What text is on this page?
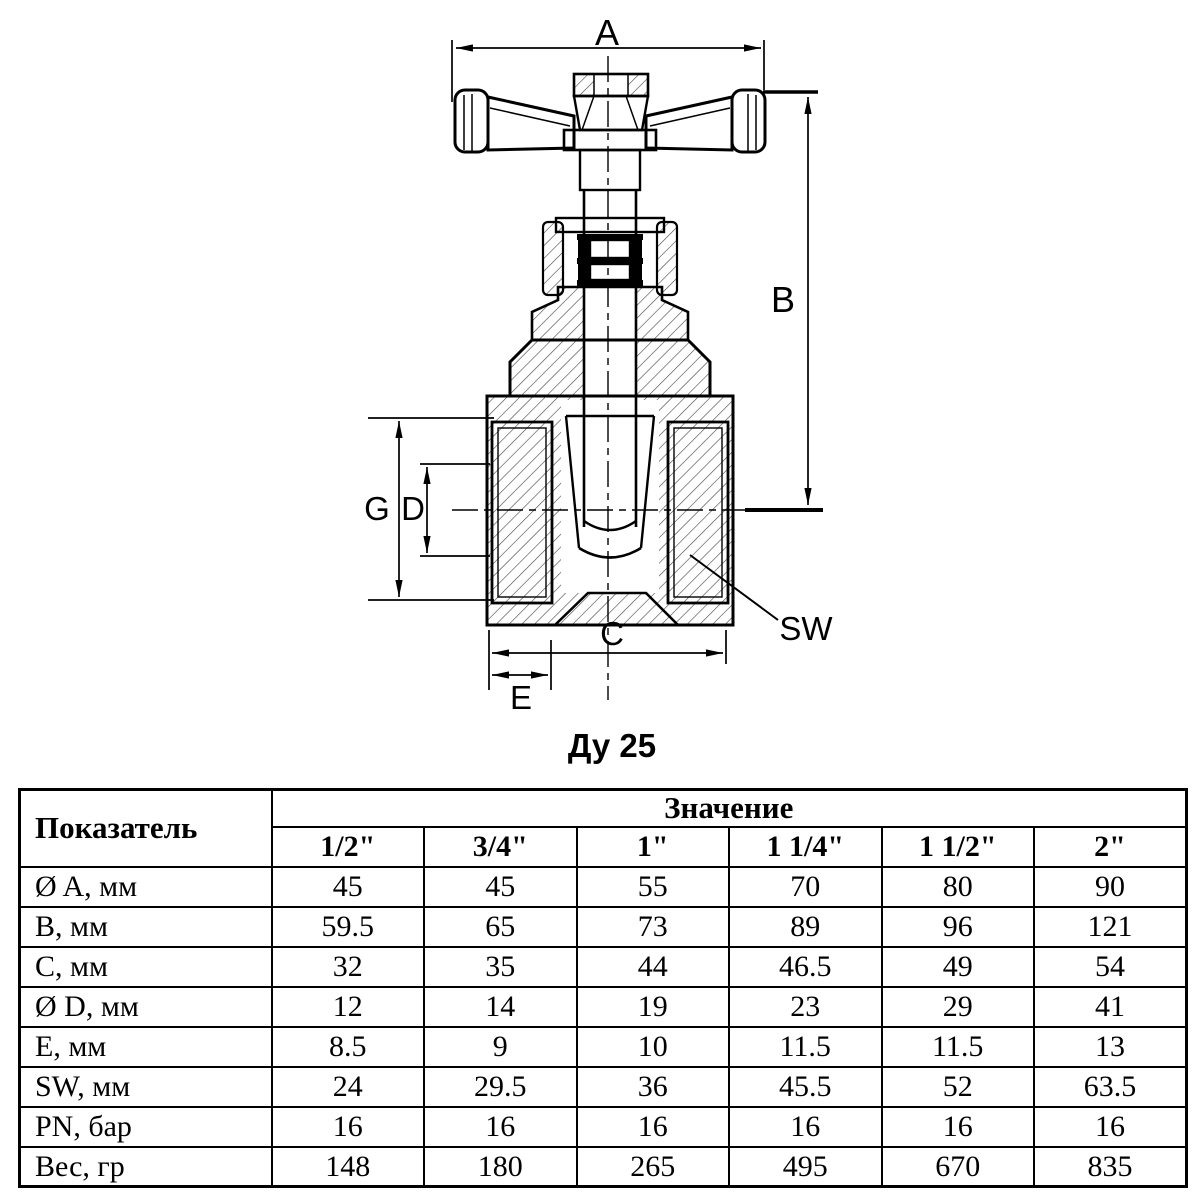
A
B
G D
C
E
SW
Ду 25
Показатель	Значение					
	1/2"	3/4"	1"	1 1/4"	1 1/2"	2"
Ø A, мм	45	45	55	70	80	90
B, мм	59.5	65	73	89	96	121
C, мм	32	35	44	46.5	49	54
Ø D, мм	12	14	19	23	29	41
E, мм	8.5	9	10	11.5	11.5	13
SW, мм	24	29.5	36	45.5	52	63.5
PN, бар	16	16	16	16	16	16
Вес, гр	148	180	265	495	670	835
